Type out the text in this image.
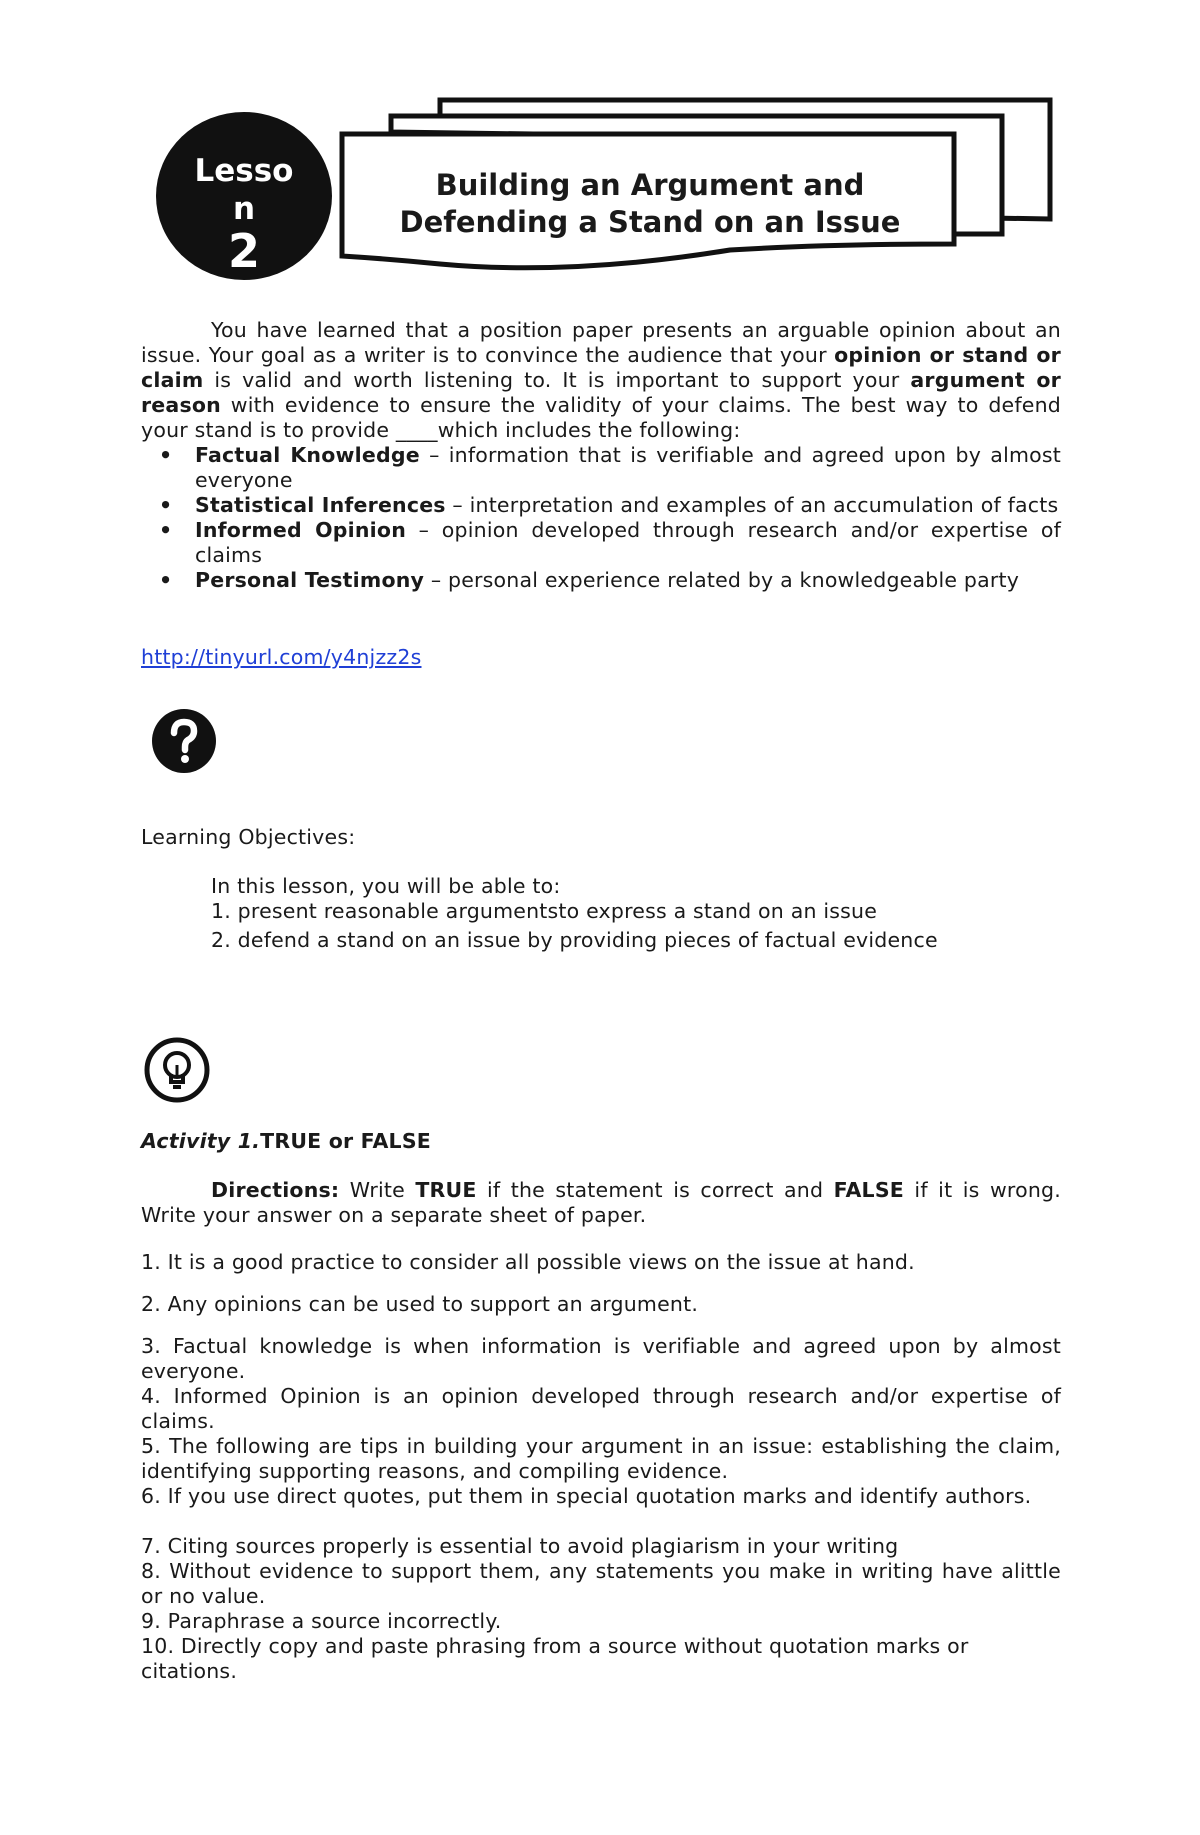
Lesso
n
2
Building an Argument and Defending a Stand on an Issue
You have learned that a position paper presents an arguable opinion about an issue. Your goal as a writer is to convince the audience that your opinion or stand or claim is valid and worth listening to. It is important to support your argument or reason with evidence to ensure the validity of your claims. The best way to defend your stand is to provide ____which includes the following:
• Factual Knowledge – information that is verifiable and agreed upon by almost everyone
• Statistical Inferences – interpretation and examples of an accumulation of facts
• Informed Opinion – opinion developed through research and/or expertise of claims
• Personal Testimony – personal experience related by a knowledgeable party
http://tinyurl.com/y4njzz2s
Learning Objectives:
In this lesson, you will be able to:
1. present reasonable argumentsto express a stand on an issue
2. defend a stand on an issue by providing pieces of factual evidence
Activity 1.TRUE or FALSE
Directions: Write TRUE if the statement is correct and FALSE if it is wrong. Write your answer on a separate sheet of paper.
1. It is a good practice to consider all possible views on the issue at hand.
2. Any opinions can be used to support an argument.
3. Factual knowledge is when information is verifiable and agreed upon by almost everyone.
4. Informed Opinion is an opinion developed through research and/or expertise of claims.
5. The following are tips in building your argument in an issue: establishing the claim, identifying supporting reasons, and compiling evidence.
6. If you use direct quotes, put them in special quotation marks and identify authors.
7. Citing sources properly is essential to avoid plagiarism in your writing
8. Without evidence to support them, any statements you make in writing have alittle or no value.
9. Paraphrase a source incorrectly.
10. Directly copy and paste phrasing from a source without quotation marks or citations.
